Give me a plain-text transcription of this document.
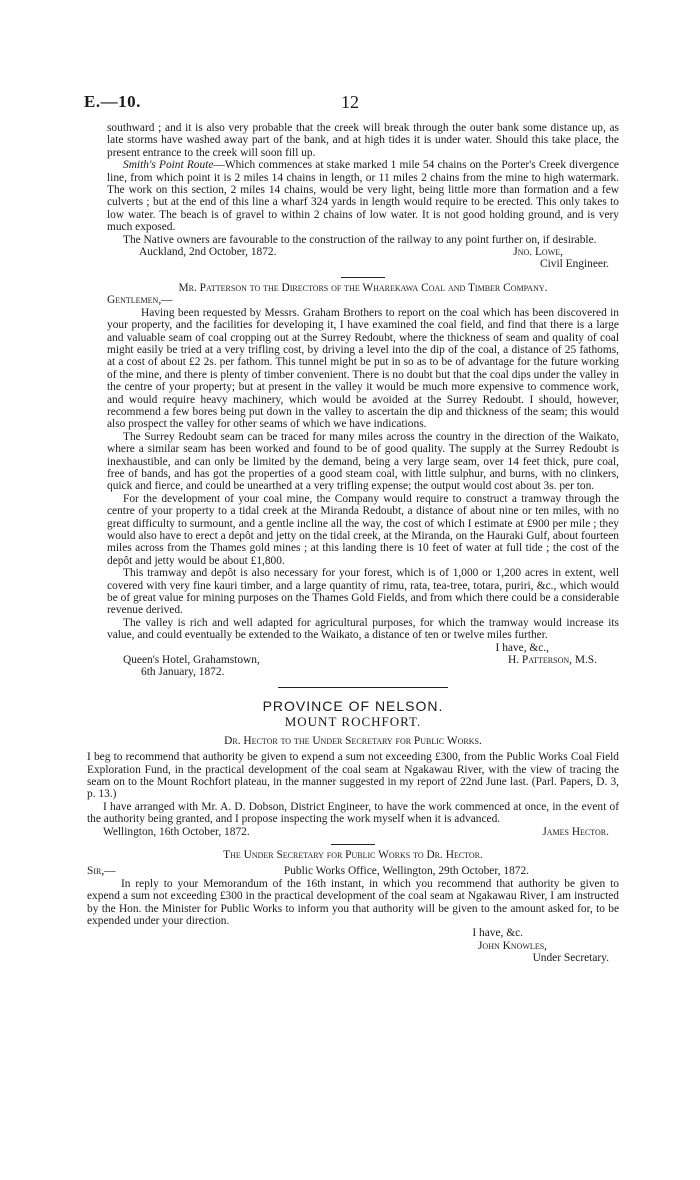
E.—10.	12

southward ; and it is also very probable that the creek will break through the outer bank some distance up, as late storms have washed away part of the bank, and at high tides it is under water. Should this take place, the present entrance to the creek will soon fill up.

Smith's Point Route—Which commences at stake marked 1 mile 54 chains on the Porter's Creek divergence line, from which point it is 2 miles 14 chains in length, or 11 miles 2 chains from the mine to high watermark. The work on this section, 2 miles 14 chains, would be very light, being little more than formation and a few culverts ; but at the end of this line a wharf 324 yards in length would require to be erected. This only takes to low water. The beach is of gravel to within 2 chains of low water. It is not good holding ground, and is very much exposed.

The Native owners are favourable to the construction of the railway to any point further on, if desirable.

Auckland, 2nd October, 1872.	Jno. Lowe,
Civil Engineer.
Mr. Patterson to the Directors of the Wharekawa Coal and Timber Company.
Gentlemen,—

Having been requested by Messrs. Graham Brothers to report on the coal which has been discovered in your property, and the facilities for developing it, I have examined the coal field, and find that there is a large and valuable seam of coal cropping out at the Surrey Redoubt, where the thickness of seam and quality of coal might easily be tried at a very trifling cost, by driving a level into the dip of the coal, a distance of 25 fathoms, at a cost of about £2 2s. per fathom. This tunnel might be put in so as to be of advantage for the future working of the mine, and there is plenty of timber convenient. There is no doubt but that the coal dips under the valley in the centre of your property; but at present in the valley it would be much more expensive to commence work, and would require heavy machinery, which would be avoided at the Surrey Redoubt. I should, however, recommend a few bores being put down in the valley to ascertain the dip and thickness of the seam; this would also prospect the valley for other seams of which we have indications.

The Surrey Redoubt seam can be traced for many miles across the country in the direction of the Waikato, where a similar seam has been worked and found to be of good quality. The supply at the Surrey Redoubt is inexhaustible, and can only be limited by the demand, being a very large seam, over 14 feet thick, pure coal, free of bands, and has got the properties of a good steam coal, with little sulphur, and burns, with no clinkers, quick and fierce, and could be unearthed at a very trifling expense; the output would cost about 3s. per ton.

For the development of your coal mine, the Company would require to construct a tramway through the centre of your property to a tidal creek at the Miranda Redoubt, a distance of about nine or ten miles, with no great difficulty to surmount, and a gentle incline all the way, the cost of which I estimate at £900 per mile ; they would also have to erect a depôt and jetty on the tidal creek, at the Miranda, on the Hauraki Gulf, about fourteen miles across from the Thames gold mines ; at this landing there is 10 feet of water at full tide ; the cost of the depôt and jetty would be about £1,800.

This tramway and depôt is also necessary for your forest, which is of 1,000 or 1,200 acres in extent, well covered with very fine kauri timber, and a large quantity of rimu, rata, tea-tree, totara, puriri, &c., which would be of great value for mining purposes on the Thames Gold Fields, and from which there could be a considerable revenue derived.

The valley is rich and well adapted for agricultural purposes, for which the tramway would increase its value, and could eventually be extended to the Waikato, a distance of ten or twelve miles further.

I have, &c.,
Queen's Hotel, Grahamstown,	H. Patterson, M.S.
6th January, 1872.
PROVINCE OF NELSON.
MOUNT ROCHFORT.
Dr. Hector to the Under Secretary for Public Works.

I beg to recommend that authority be given to expend a sum not exceeding £300, from the Public Works Coal Field Exploration Fund, in the practical development of the coal seam at Ngakawau River, with the view of tracing the seam on to the Mount Rochfort plateau, in the manner suggested in my report of 22nd June last. (Parl. Papers, D. 3, p. 13.)

I have arranged with Mr. A. D. Dobson, District Engineer, to have the work commenced at once, in the event of the authority being granted, and I propose inspecting the work myself when it is advanced.

Wellington, 16th October, 1872.	James Hector.
The Under Secretary for Public Works to Dr. Hector.
Sir,—	Public Works Office, Wellington, 29th October, 1872.

In reply to your Memorandum of the 16th instant, in which you recommend that authority be given to expend a sum not exceeding £300 in the practical development of the coal seam at Ngakawau River, I am instructed by the Hon. the Minister for Public Works to inform you that authority will be given to the amount asked for, to be expended under your direction.

I have, &c.
John Knowles,
Under Secretary.
